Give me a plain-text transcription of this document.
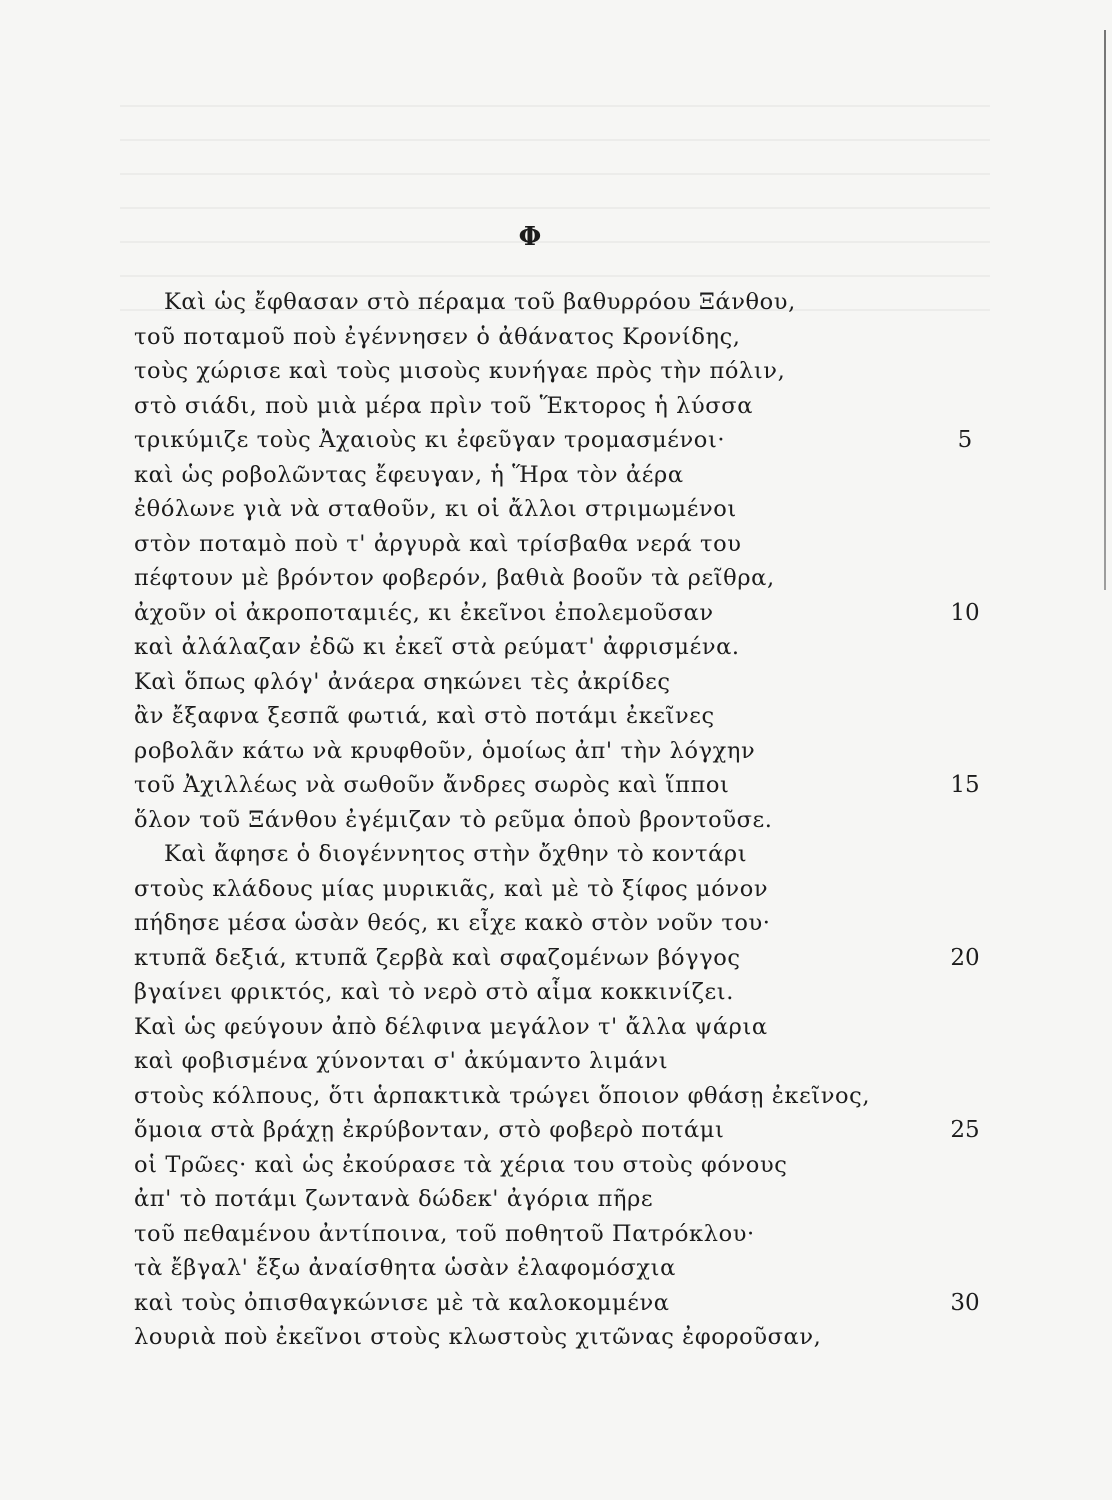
Φ
Καὶ ὡς ἔφθασαν στὸ πέραμα τοῦ βαθυρρόου Ξάνθου,
τοῦ ποταμοῦ ποὺ ἐγέννησεν ὁ ἀθάνατος Κρονίδης,
τοὺς χώρισε καὶ τοὺς μισοὺς κυνήγαε πρὸς τὴν πόλιν,
στὸ σιάδι, ποὺ μιὰ μέρα πρὶν τοῦ Ἕκτορος ἡ λύσσα
τρικύμιζε τοὺς Ἀχαιοὺς κι ἐφεῦγαν τρομασμένοι·
καὶ ὡς ροβολῶντας ἔφευγαν, ἡ Ἥρα τὸν ἀέρα
ἐθόλωνε γιὰ νὰ σταθοῦν, κι οἱ ἄλλοι στριμωμένοι
στὸν ποταμὸ ποὺ τ' ἀργυρὰ καὶ τρίσβαθα νερά του
πέφτουν μὲ βρόντον φοβερόν, βαθιὰ βοοῦν τὰ ρεῖθρα,
ἀχοῦν οἱ ἀκροποταμιές, κι ἐκεῖνοι ἐπολεμοῦσαν
καὶ ἀλάλαζαν ἐδῶ κι ἐκεῖ στὰ ρεύματ' ἀφρισμένα.
Καὶ ὅπως φλόγ' ἀνάερα σηκώνει τὲς ἀκρίδες
ἂν ἔξαφνα ξεσπᾶ φωτιά, καὶ στὸ ποτάμι ἐκεῖνες
ροβολᾶν κάτω νὰ κρυφθοῦν, ὁμοίως ἀπ' τὴν λόγχην
τοῦ Ἀχιλλέως νὰ σωθοῦν ἄνδρες σωρὸς καὶ ἵπποι
ὅλον τοῦ Ξάνθου ἐγέμιζαν τὸ ρεῦμα ὁποὺ βροντοῦσε.
Καὶ ἄφησε ὁ διογέννητος στὴν ὄχθην τὸ κοντάρι
στοὺς κλάδους μίας μυρικιᾶς, καὶ μὲ τὸ ξίφος μόνον
πήδησε μέσα ὡσὰν θεός, κι εἶχε κακὸ στὸν νοῦν του·
κτυπᾶ δεξιά, κτυπᾶ ζερβὰ καὶ σφαζομένων βόγγος
βγαίνει φρικτός, καὶ τὸ νερὸ στὸ αἷμα κοκκινίζει.
Καὶ ὡς φεύγουν ἀπὸ δέλφινα μεγάλον τ' ἄλλα ψάρια
καὶ φοβισμένα χύνονται σ' ἀκύμαντο λιμάνι
στοὺς κόλπους, ὅτι ἁρπακτικὰ τρώγει ὅποιον φθάσῃ ἐκεῖνος,
ὅμοια στὰ βράχῃ ἐκρύβονταν, στὸ φοβερὸ ποτάμι
οἱ Τρῶες· καὶ ὡς ἐκούρασε τὰ χέρια του στοὺς φόνους
ἀπ' τὸ ποτάμι ζωντανὰ δώδεκ' ἀγόρια πῆρε
τοῦ πεθαμένου ἀντίποινα, τοῦ ποθητοῦ Πατρόκλου·
τὰ ἔβγαλ' ἔξω ἀναίσθητα ὡσὰν ἐλαφομόσχια
καὶ τοὺς ὀπισθαγκώνισε μὲ τὰ καλοκομμένα
λουριὰ ποὺ ἐκεῖνοι στοὺς κλωστοὺς χιτῶνας ἐφοροῦσαν,
5
10
15
20
25
30
